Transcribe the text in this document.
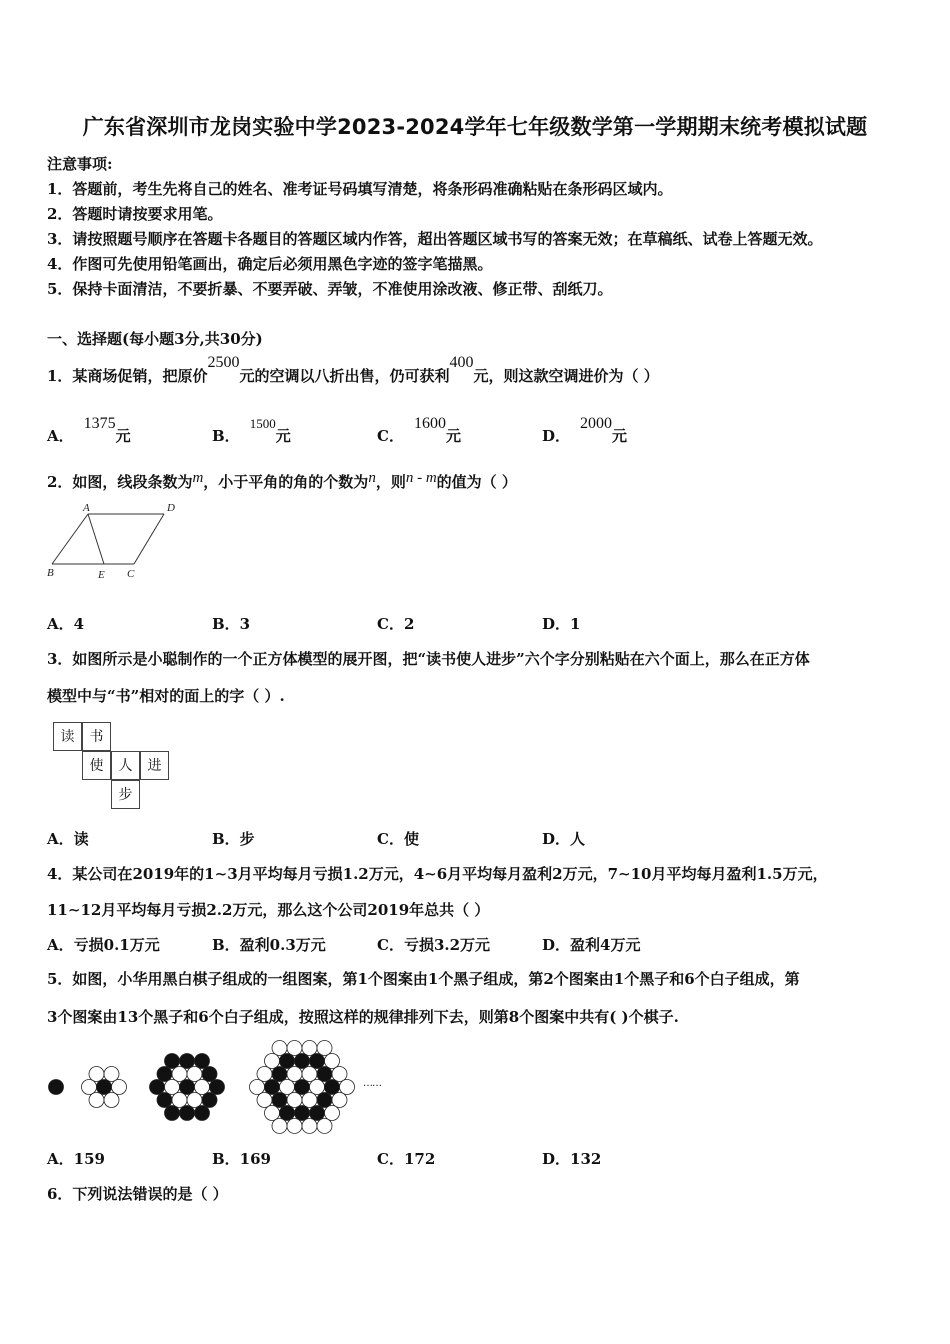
广东省深圳市龙岗实验中学2023-2024学年七年级数学第一学期期末统考模拟试题
注意事项:
1．答题前，考生先将自己的姓名、准考证号码填写清楚，将条形码准确粘贴在条形码区域内。
2．答题时请按要求用笔。
3．请按照题号顺序在答题卡各题目的答题区域内作答，超出答题区域书写的答案无效；在草稿纸、试卷上答题无效。
4．作图可先使用铅笔画出，确定后必须用黑色字迹的签字笔描黑。
5．保持卡面清洁，不要折暴、不要弄破、弄皱，不准使用涂改液、修正带、刮纸刀。
一、选择题(每小题3分,共30分)
1．某商场促销，把原价2500元的空调以八折出售，仍可获利400元，则这款空调进价为（ ）
A．1375元	B．1500元	C．1600元	D．2000元
2．如图，线段条数为m，小于平角的角的个数为n，则n - m的值为（ ）
A	D
B	E C
A．4	B．3	C．2	D．1
3．如图所示是小聪制作的一个正方体模型的展开图，把“读书使人进步”六个字分别粘贴在六个面上，那么在正方体
模型中与“书”相对的面上的字（ ）.
读	书
使	人	进
步
A．读	B．步	C．使	D．人
4．某公司在2019年的1∼3月平均每月亏损1.2万元，4∼6月平均每月盈利2万元，7∼10月平均每月盈利1.5万元，
11∼12月平均每月亏损2.2万元，那么这个公司2019年总共（ ）
A．亏损0.1万元	B．盈利0.3万元	C．亏损3.2万元	D．盈利4万元
5．如图，小华用黑白棋子组成的一组图案，第1个图案由1个黑子组成，第2个图案由1个黑子和6个白子组成，第
3个图案由13个黑子和6个白子组成，按照这样的规律排列下去，则第8个图案中共有( )个棋子.
……
A．159	B．169	C．172	D．132
6．下列说法错误的是（ ）
